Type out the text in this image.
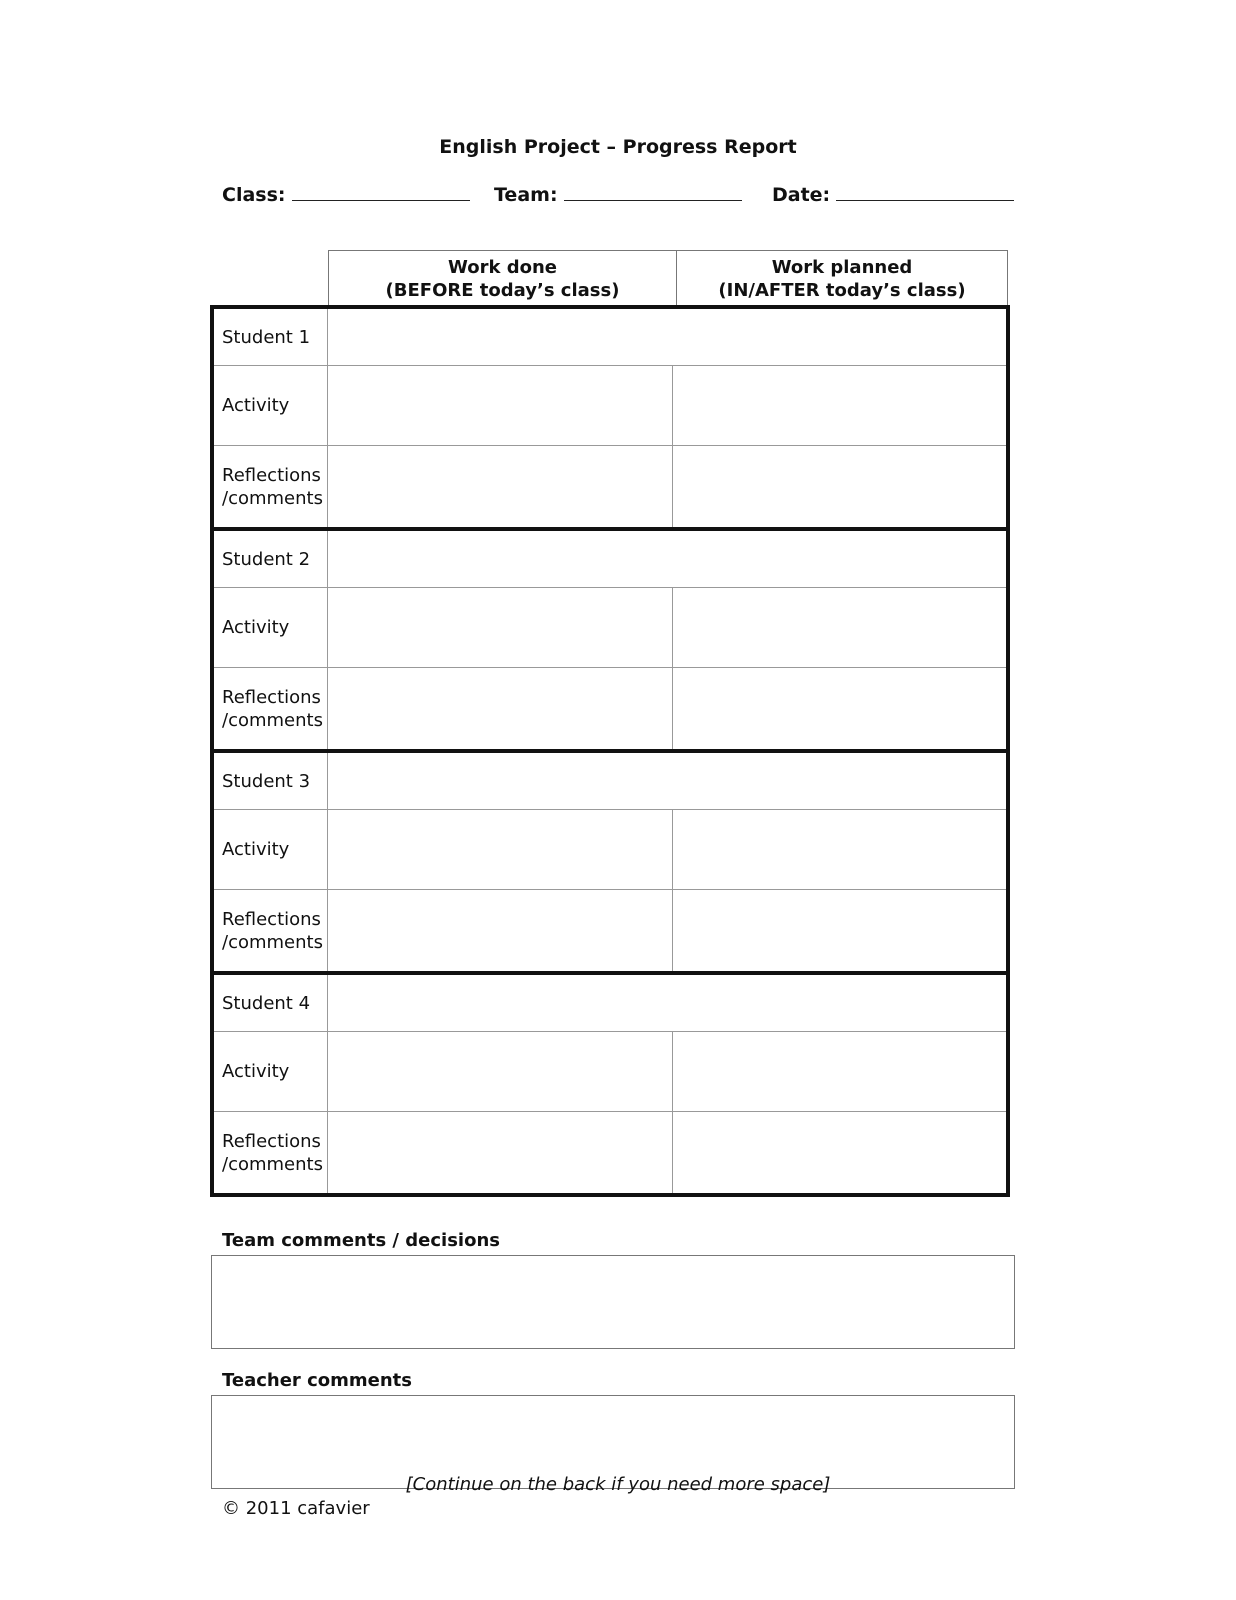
English Project – Progress Report
Class:	Team:	Date:
Work done
(BEFORE today’s class)
Work planned
(IN/AFTER today’s class)
Student 1
Activity
Reflections
/comments
Student 2
Activity
Reflections
/comments
Student 3
Activity
Reflections
/comments
Student 4
Activity
Reflections
/comments
Team comments / decisions
Teacher comments
[Continue on the back if you need more space]
© 2011 cafavier
